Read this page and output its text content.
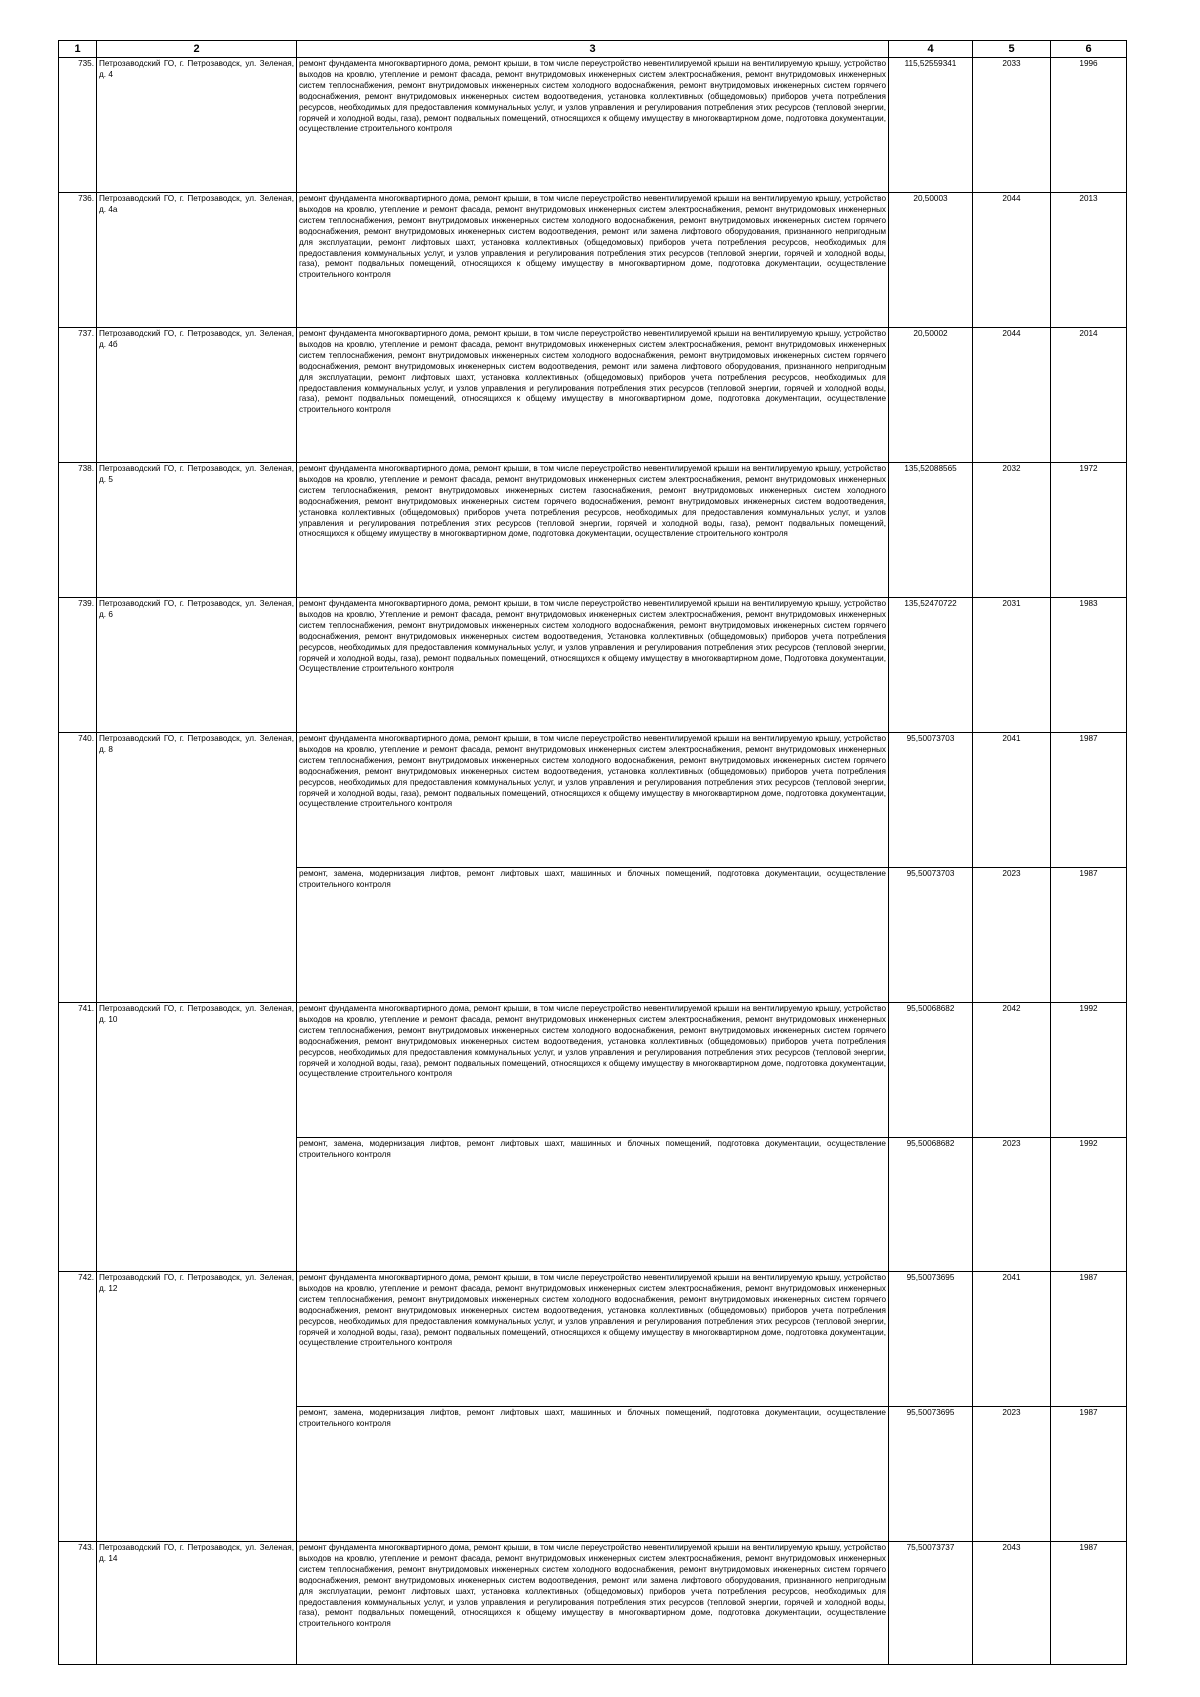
1	2	3	4	5	6
735.	Петрозаводский ГО, г. Петрозаводск, ул. Зеленая, д. 4	ремонт фундамента многоквартирного дома, ремонт крыши, в том числе переустройство невентилируемой крыши на вентилируемую крышу, устройство выходов на кровлю, утепление и ремонт фасада, ремонт внутридомовых инженерных систем электроснабжения, ремонт внутридомовых инженерных систем теплоснабжения, ремонт внутридомовых инженерных систем холодного водоснабжения, ремонт внутридомовых инженерных систем горячего водоснабжения, ремонт внутридомовых инженерных систем водоотведения, установка коллективных (общедомовых) приборов учета потребления ресурсов, необходимых для предоставления коммунальных услуг, и узлов управления и регулирования потребления этих ресурсов (тепловой энергии, горячей и холодной воды, газа), ремонт подвальных помещений, относящихся к общему имуществу в многоквартирном доме, подготовка документации, осуществление строительного контроля	115,52559341	2033	1996
736.	Петрозаводский ГО, г. Петрозаводск, ул. Зеленая, д. 4а	ремонт фундамента многоквартирного дома, ремонт крыши, в том числе переустройство невентилируемой крыши на вентилируемую крышу, устройство выходов на кровлю, утепление и ремонт фасада, ремонт внутридомовых инженерных систем электроснабжения, ремонт внутридомовых инженерных систем теплоснабжения, ремонт внутридомовых инженерных систем холодного водоснабжения, ремонт внутридомовых инженерных систем горячего водоснабжения, ремонт внутридомовых инженерных систем водоотведения, ремонт или замена лифтового оборудования, признанного непригодным для эксплуатации, ремонт лифтовых шахт, установка коллективных (общедомовых) приборов учета потребления ресурсов, необходимых для предоставления коммунальных услуг, и узлов управления и регулирования потребления этих ресурсов (тепловой энергии, горячей и холодной воды, газа), ремонт подвальных помещений, относящихся к общему имуществу в многоквартирном доме, подготовка документации, осуществление строительного контроля	20,50003	2044	2013
737.	Петрозаводский ГО, г. Петрозаводск, ул. Зеленая, д. 4б	ремонт фундамента многоквартирного дома, ремонт крыши, в том числе переустройство невентилируемой крыши на вентилируемую крышу, устройство выходов на кровлю, утепление и ремонт фасада, ремонт внутридомовых инженерных систем электроснабжения, ремонт внутридомовых инженерных систем теплоснабжения, ремонт внутридомовых инженерных систем холодного водоснабжения, ремонт внутридомовых инженерных систем горячего водоснабжения, ремонт внутридомовых инженерных систем водоотведения, ремонт или замена лифтового оборудования, признанного непригодным для эксплуатации, ремонт лифтовых шахт, установка коллективных (общедомовых) приборов учета потребления ресурсов, необходимых для предоставления коммунальных услуг, и узлов управления и регулирования потребления этих ресурсов (тепловой энергии, горячей и холодной воды, газа), ремонт подвальных помещений, относящихся к общему имуществу в многоквартирном доме, подготовка документации, осуществление строительного контроля	20,50002	2044	2014
738.	Петрозаводский ГО, г. Петрозаводск, ул. Зеленая, д. 5	ремонт фундамента многоквартирного дома, ремонт крыши, в том числе переустройство невентилируемой крыши на вентилируемую крышу, устройство выходов на кровлю, утепление и ремонт фасада, ремонт внутридомовых инженерных систем электроснабжения, ремонт внутридомовых инженерных систем теплоснабжения, ремонт внутридомовых инженерных систем газоснабжения, ремонт внутридомовых инженерных систем холодного водоснабжения, ремонт внутридомовых инженерных систем горячего водоснабжения, ремонт внутридомовых инженерных систем водоотведения, установка коллективных (общедомовых) приборов учета потребления ресурсов, необходимых для предоставления коммунальных услуг, и узлов управления и регулирования потребления этих ресурсов (тепловой энергии, горячей и холодной воды, газа), ремонт подвальных помещений, относящихся к общему имуществу в многоквартирном доме, подготовка документации, осуществление строительного контроля	135,52088565	2032	1972
739.	Петрозаводский ГО, г. Петрозаводск, ул. Зеленая, д. 6	ремонт фундамента многоквартирного дома, ремонт крыши, в том числе переустройство невентилируемой крыши на вентилируемую крышу, устройство выходов на кровлю, Утепление и ремонт фасада, ремонт внутридомовых инженерных систем электроснабжения, ремонт внутридомовых инженерных систем теплоснабжения, ремонт внутридомовых инженерных систем холодного водоснабжения, ремонт внутридомовых инженерных систем горячего водоснабжения, ремонт внутридомовых инженерных систем водоотведения, Установка коллективных (общедомовых) приборов учета потребления ресурсов, необходимых для предоставления коммунальных услуг, и узлов управления и регулирования потребления этих ресурсов (тепловой энергии, горячей и холодной воды, газа), ремонт подвальных помещений, относящихся к общему имуществу в многоквартирном доме, Подготовка документации, Осуществление строительного контроля	135,52470722	2031	1983
740.	Петрозаводский ГО, г. Петрозаводск, ул. Зеленая, д. 8	ремонт фундамента многоквартирного дома, ремонт крыши, в том числе переустройство невентилируемой крыши на вентилируемую крышу, устройство выходов на кровлю, утепление и ремонт фасада, ремонт внутридомовых инженерных систем электроснабжения, ремонт внутридомовых инженерных систем теплоснабжения, ремонт внутридомовых инженерных систем холодного водоснабжения, ремонт внутридомовых инженерных систем горячего водоснабжения, ремонт внутридомовых инженерных систем водоотведения, установка коллективных (общедомовых) приборов учета потребления ресурсов, необходимых для предоставления коммунальных услуг, и узлов управления и регулирования потребления этих ресурсов (тепловой энергии, горячей и холодной воды, газа), ремонт подвальных помещений, относящихся к общему имуществу в многоквартирном доме, подготовка документации, осуществление строительного контроля	95,50073703	2041	1987
		ремонт, замена, модернизация лифтов, ремонт лифтовых шахт, машинных и блочных помещений, подготовка документации, осуществление строительного контроля	95,50073703	2023	1987
741.	Петрозаводский ГО, г. Петрозаводск, ул. Зеленая, д. 10	ремонт фундамента многоквартирного дома, ремонт крыши, в том числе переустройство невентилируемой крыши на вентилируемую крышу, устройство выходов на кровлю, утепление и ремонт фасада, ремонт внутридомовых инженерных систем электроснабжения, ремонт внутридомовых инженерных систем теплоснабжения, ремонт внутридомовых инженерных систем холодного водоснабжения, ремонт внутридомовых инженерных систем горячего водоснабжения, ремонт внутридомовых инженерных систем водоотведения, установка коллективных (общедомовых) приборов учета потребления ресурсов, необходимых для предоставления коммунальных услуг, и узлов управления и регулирования потребления этих ресурсов (тепловой энергии, горячей и холодной воды, газа), ремонт подвальных помещений, относящихся к общему имуществу в многоквартирном доме, подготовка документации, осуществление строительного контроля	95,50068682	2042	1992
		ремонт, замена, модернизация лифтов, ремонт лифтовых шахт, машинных и блочных помещений, подготовка документации, осуществление строительного контроля	95,50068682	2023	1992
742.	Петрозаводский ГО, г. Петрозаводск, ул. Зеленая, д. 12	ремонт фундамента многоквартирного дома, ремонт крыши, в том числе переустройство невентилируемой крыши на вентилируемую крышу, устройство выходов на кровлю, утепление и ремонт фасада, ремонт внутридомовых инженерных систем электроснабжения, ремонт внутридомовых инженерных систем теплоснабжения, ремонт внутридомовых инженерных систем холодного водоснабжения, ремонт внутридомовых инженерных систем горячего водоснабжения, ремонт внутридомовых инженерных систем водоотведения, установка коллективных (общедомовых) приборов учета потребления ресурсов, необходимых для предоставления коммунальных услуг, и узлов управления и регулирования потребления этих ресурсов (тепловой энергии, горячей и холодной воды, газа), ремонт подвальных помещений, относящихся к общему имуществу в многоквартирном доме, подготовка документации, осуществление строительного контроля	95,50073695	2041	1987
		ремонт, замена, модернизация лифтов, ремонт лифтовых шахт, машинных и блочных помещений, подготовка документации, осуществление строительного контроля	95,50073695	2023	1987
743.	Петрозаводский ГО, г. Петрозаводск, ул. Зеленая, д. 14	ремонт фундамента многоквартирного дома, ремонт крыши, в том числе переустройство невентилируемой крыши на вентилируемую крышу, устройство выходов на кровлю, утепление и ремонт фасада, ремонт внутридомовых инженерных систем электроснабжения, ремонт внутридомовых инженерных систем теплоснабжения, ремонт внутридомовых инженерных систем холодного водоснабжения, ремонт внутридомовых инженерных систем горячего водоснабжения, ремонт внутридомовых инженерных систем водоотведения, ремонт или замена лифтового оборудования, признанного непригодным для эксплуатации, ремонт лифтовых шахт, установка коллективных (общедомовых) приборов учета потребления ресурсов, необходимых для предоставления коммунальных услуг, и узлов управления и регулирования потребления этих ресурсов (тепловой энергии, горячей и холодной воды, газа), ремонт подвальных помещений, относящихся к общему имуществу в многоквартирном доме, подготовка документации, осуществление строительного контроля	75,50073737	2043	1987
